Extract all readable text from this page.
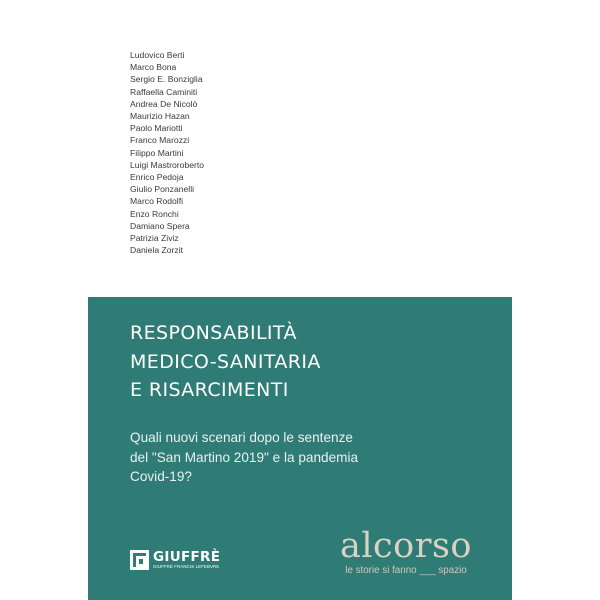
Ludovico Berti
Marco Bona
Sergio E. Bonziglia
Raffaella Caminiti
Andrea De Nicolò
Maurizio Hazan
Paolo Mariotti
Franco Marozzi
Filippo Martini
Luigi Mastroroberto
Enrico Pedoja
Giulio Ponzanelli
Marco Rodolfi
Enzo Ronchi
Damiano Spera
Patrizia Ziviz
Daniela Zorzit
RESPONSABILITÀ
MEDICO-SANITARIA
E RISARCIMENTI

Quali nuovi scenari dopo le sentenze
del "San Martino 2019" e la pandemia
Covid-19?

GIUFFRÈ
GIUFFRÈ FRANCIS LEFEBVRE	alcorso
le storie si fanno ___ spazio
